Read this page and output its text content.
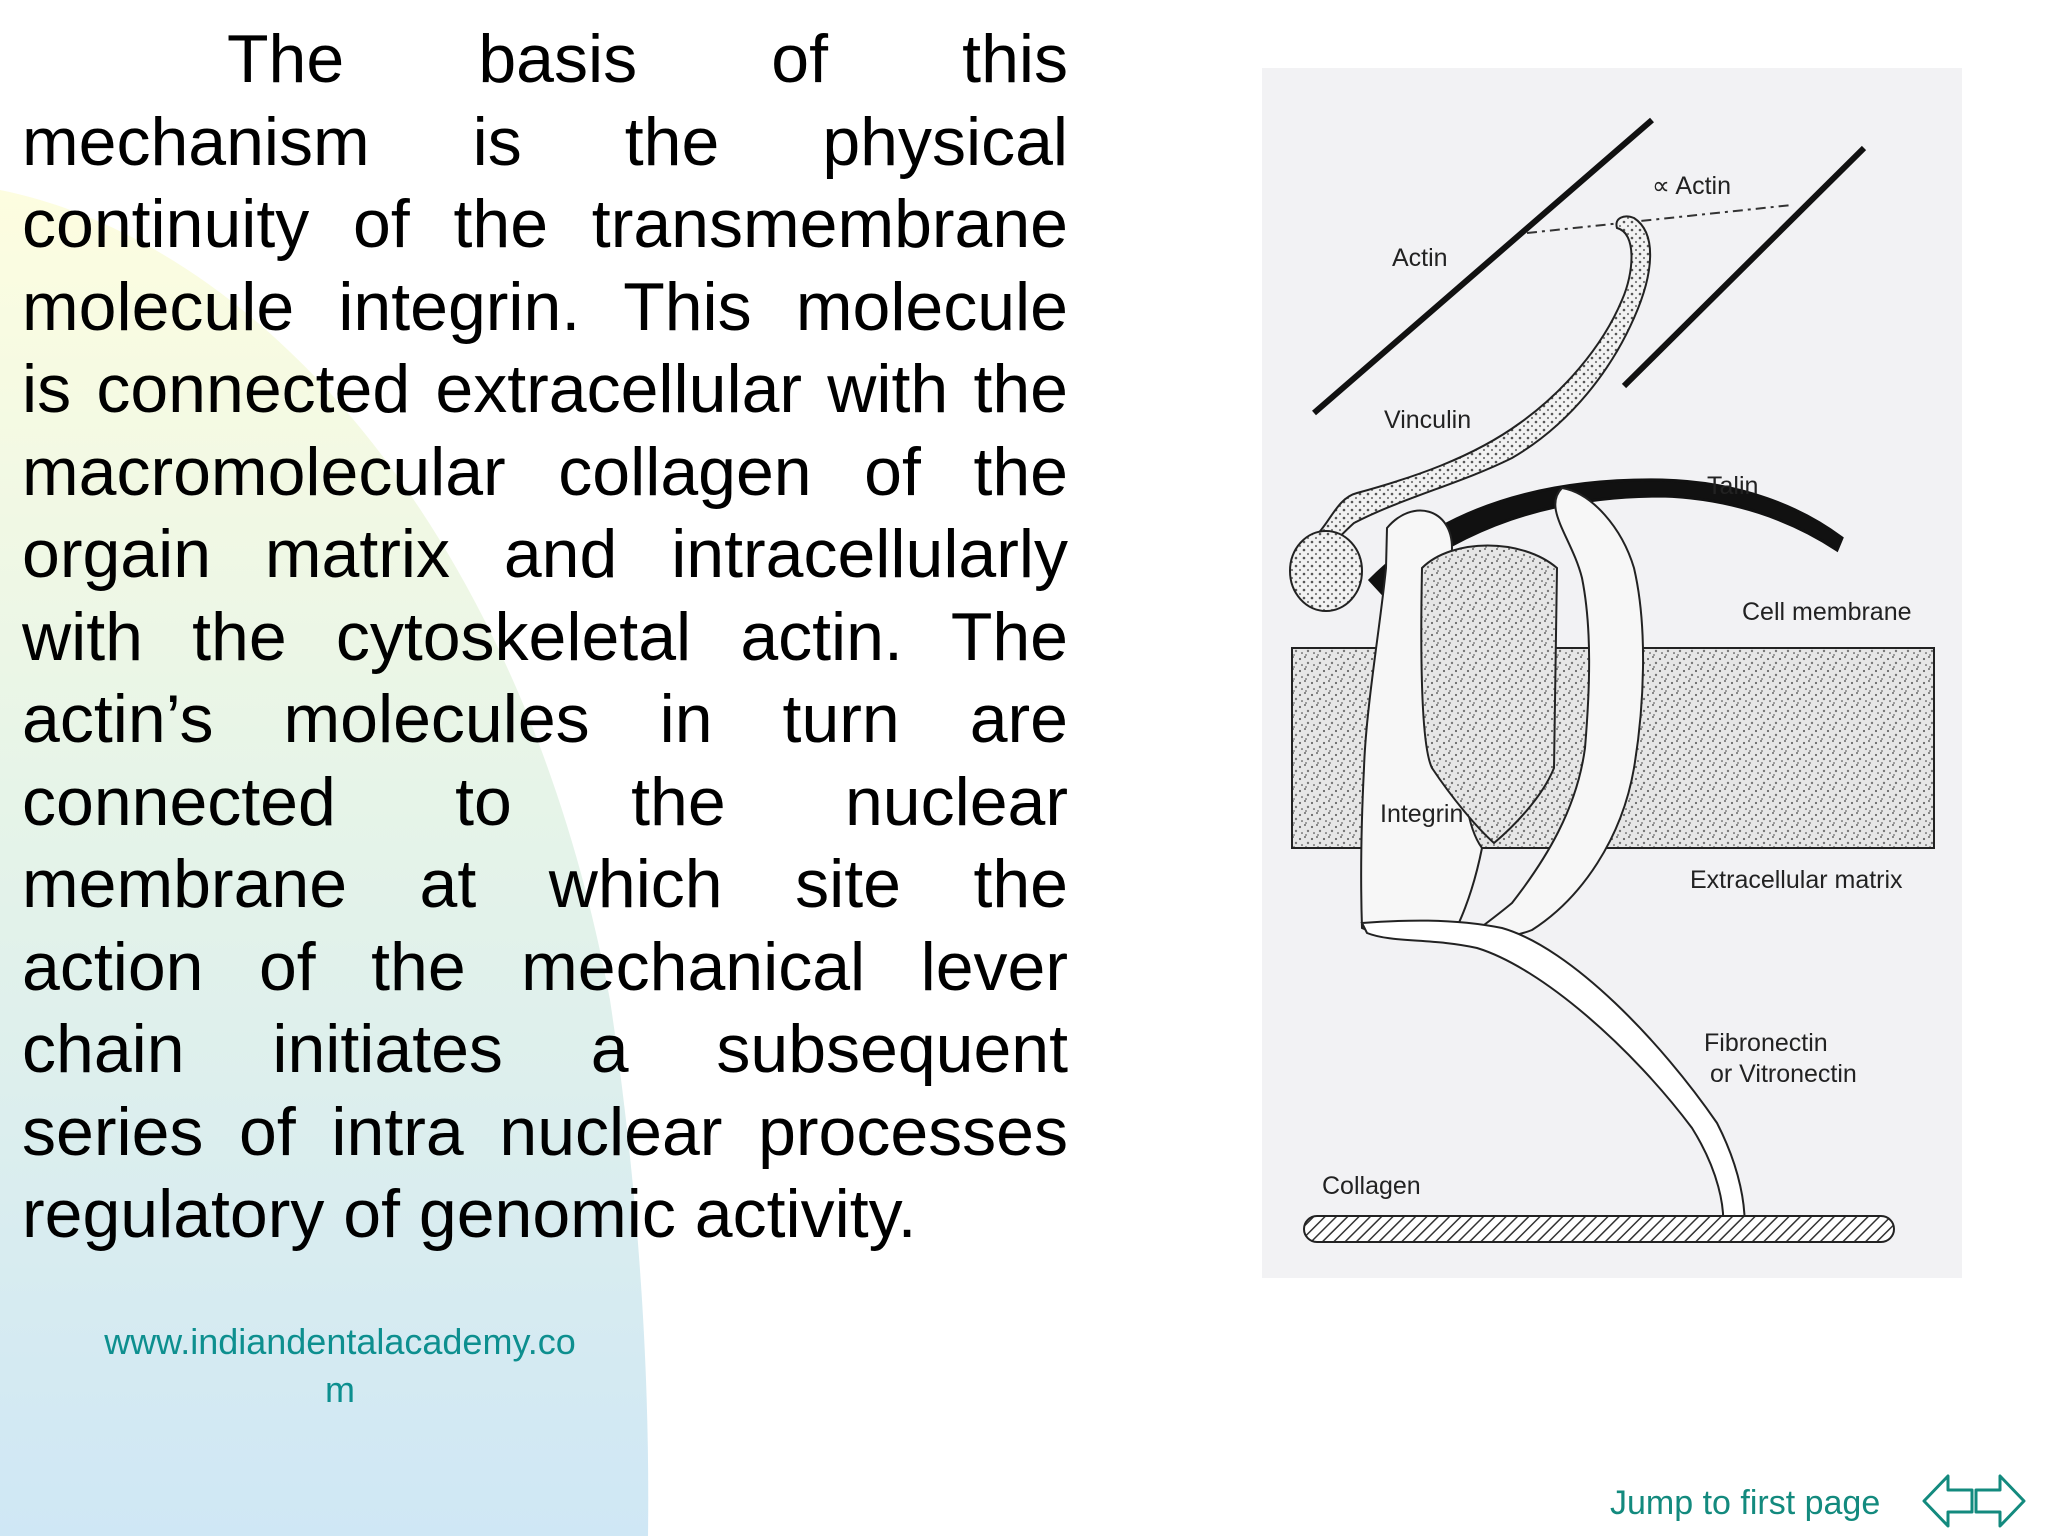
The basis of this
mechanism is the physical
continuity of the transmembrane
molecule integrin. This molecule
is connected extracellular with the
macromolecular collagen of the
orgain matrix and intracellularly
with the cytoskeletal actin. The
actin’s molecules in turn are
connected to the nuclear
membrane at which site the
action of the mechanical lever
chain initiates a subsequent
series of intra nuclear processes
regulatory of genomic activity.
www.indiandentalacademy.co
m
∝ Actin
Actin
Vinculin
Talin
Cell membrane
Integrin
Extracellular matrix
Fibronectin
or Vitronectin
Collagen
Jump to first page
